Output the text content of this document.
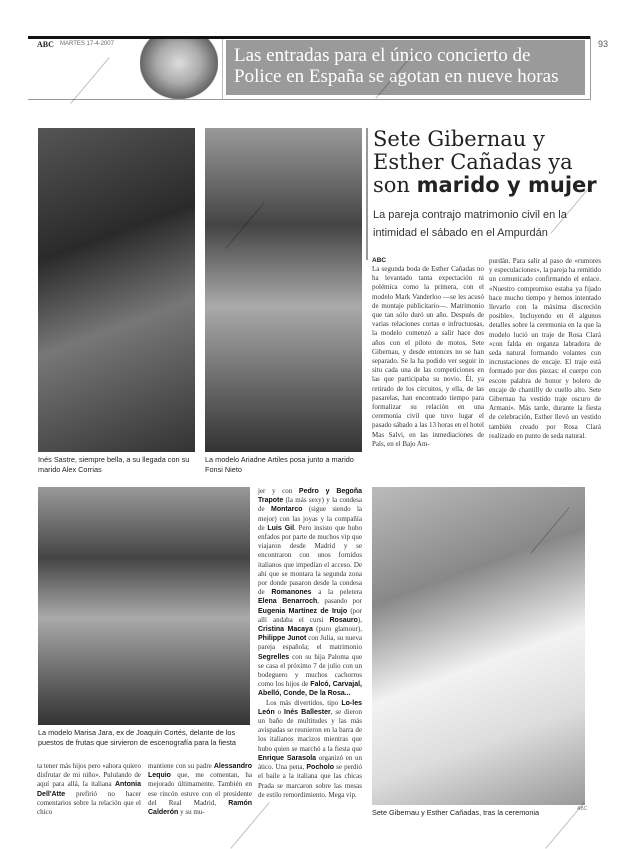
ABC MARTES 17-4-2007	93
Las entradas para el único concierto de Police en España se agotan en nueve horas
Inés Sastre, siempre bella, a su llegada con su marido Alex Corrias
La modelo Ariadne Artiles posa junto a marido Fonsi Nieto
Sete Gibernau y
Esther Cañadas ya
son marido y mujer
La pareja contrajo matrimonio civil en la intimidad el sábado en el Ampurdán
ABC
La segunda boda de Esther Cañadas no ha levantado tanta expectación ni polémica como la primera, con el modelo Mark Vanderloo —se les acusó de montaje publicitario—. Matrimonio que tan sólo duró un año. Después de varias relaciones cortas e infructuosas, la modelo comenzó a salir hace dos años con el piloto de motos, Sete Gibernau, y desde entonces no se han separado. Se la ha podido ver seguir in situ cada una de las competiciones en las que participaba su novio. Él, ya retirado de los circuitos, y ella, de las pasarelas, han encontrado tiempo para formalizar su relación en una ceremonia civil que tuvo lugar el pasado sábado a las 13 horas en el hotel Mas Salvi, en las inmediaciones de Pals, en el Bajo Am-
purdán. Para salir al paso de «rumores y especulaciones», la pareja ha remitido un comunicado confirmando el enlace. «Nuestro compromiso estaba ya fijado hace mucho tiempo y hemos intentado llevarlo con la máxima discreción posible». Incluyendo en él algunos detalles sobre la ceremonia en la que la modelo lució un traje de Rosa Clará «con falda en organza labradora de seda natural formando volantes con incrustaciones de encaje. El traje está formado por dos piezas: el cuerpo con escote palabra de honor y bolero de encaje de chantilly de cuello alto. Sete Gibernau ha vestido traje oscuro de Armani». Más tarde, durante la fiesta de celebración, Esther llevó un vestido también creado por Rosa Clará realizado en punto de seda natural.
La modelo Marisa Jara, ex de Joaquín Cortés, delante de los puestos de frutas que sirvieron de escenografía para la fiesta
jer y con Pedro y Begoña Trapote (la más sexy) y la condesa de Montarco (sigue siendo la mejor) con las joyas y la compañía de Luis Gil. Pero insisto que hubo enfados por parte de muchos vip que viajaron desde Madrid y se encontraron con unos fornidos italianos que impedían el acceso. De ahí que se montara la segunda zona por donde pasaron desde la condesa de Romanones a la peletera Elena Benarroch, pasando por Eugenia Martínez de Irujo (por allí andaba el cursi Rosauro), Cristina Macaya (puro glamour), Philippe Junot con Julia, su nueva pareja española; el matrimonio Segrelles con su hija Paloma que se casa el próximo 7 de julio con un bodeguero y muchos cachorros como los hijos de Falcó, Carvajal, Abelló, Conde, De la Rosa...
Los más divertidos, tipo Lo-les León o Inés Ballester, se dieron un baño de multitudes y las más avispadas se reunieron en la barra de los italianos macizos mientras que hubo quien se marchó a la fiesta que Enrique Sarasola organizó en un ático. Una pena, Pocholo se perdió el baile a la italiana que las chicas Prada se marcaron sobre las mesas de estilo remordimiento. Mega vip.
ta tener más hijos pero «ahora quiero disfrutar de mi niño». Pululando de aquí para allá, la italiana Antonia Dell'Atte prefirió no hacer comentarios sobre la relación que el chico
mantiene con su padre Alessandro Lequio que, me comentan, ha mejorado últimamente. También en ese rincón estuve con el presidente del Real Madrid, Ramón Calderón y su mu-	Sete Gibernau y Esther Cañadas, tras la ceremonia	ABC
